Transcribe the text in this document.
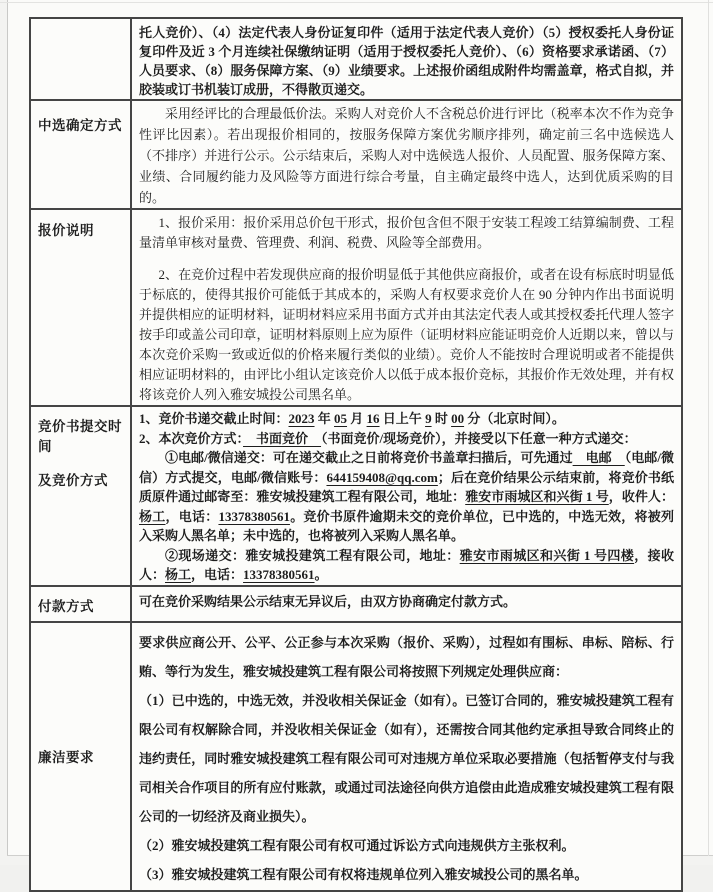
托人竞价）、（4）法定代表人身份证复印件（适用于法定代表人竞价）（5）授权委托人身份证复印件及近 3 个月连续社保缴纳证明（适用于授权委托人竞价）、（6）资格要求承诺函、（7）人员要求、（8）服务保障方案、（9）业绩要求。上述报价函组成附件均需盖章，格式自拟，并胶装或订书机装订成册，不得散页递交。

中选确定方式

采用经评比的合理最低价法。采购人对竞价人不含税总价进行评比（税率本次不作为竞争性评比因素）。若出现报价相同的，按服务保障方案优劣顺序排列，确定前三名中选候选人（不排序）并进行公示。公示结束后，采购人对中选候选人报价、人员配置、服务保障方案、业绩、合同履约能力及风险等方面进行综合考量，自主确定最终中选人，达到优质采购的目的。

报价说明

1、报价采用：报价采用总价包干形式，报价包含但不限于安装工程竣工结算编制费、工程量清单审核对量费、管理费、利润、税费、风险等全部费用。

2、在竞价过程中若发现供应商的报价明显低于其他供应商报价，或者在设有标底时明显低于标底的，使得其报价可能低于其成本的，采购人有权要求竞价人在 90 分钟内作出书面说明并提供相应的证明材料，证明材料应采用书面方式并由其法定代表人或其授权委托代理人签字按手印或盖公司印章，证明材料原则上应为原件（证明材料应能证明竞价人近期以来，曾以与本次竞价采购一致或近似的价格来履行类似的业绩）。竞价人不能按时合理说明或者不能提供相应证明材料的，由评比小组认定该竞价人以低于成本报价竞标，其报价作无效处理，并有权将该竞价人列入雅安城投公司黑名单。

竞价书提交时间
及竞价方式

1、竞价书递交截止时间：2023 年 05 月 16 日上午 9 时 00 分（北京时间）。

2、本次竞价方式：　书面竞价　（书面竞价/现场竞价），并接受以下任意一种方式递交：

①电邮/微信递交：可在递交截止之日前将竞价书盖章扫描后，可先通过　电邮　（电邮/微信）方式提交，电邮/微信账号：644159408@qq.com；后在竞价结果公示结束前，将竞价书纸质原件通过邮寄至：雅安城投建筑工程有限公司，地址：雅安市雨城区和兴街 1 号，收件人：杨工，电话：13378380561。竞价书原件逾期未交的竞价单位，已中选的，中选无效，将被列入采购人黑名单；未中选的，也将被列入采购人黑名单。

②现场递交：雅安城投建筑工程有限公司，地址：雅安市雨城区和兴街 1 号四楼，接收人：杨工，电话：13378380561。

付款方式	可在竞价采购结果公示结束无异议后，由双方协商确定付款方式。

廉洁要求

要求供应商公开、公平、公正参与本次采购（报价、采购），过程如有围标、串标、陪标、行贿、等行为发生，雅安城投建筑工程有限公司将按照下列规定处理供应商：

（1）已中选的，中选无效，并没收相关保证金（如有）。已签订合同的，雅安城投建筑工程有限公司有权解除合同，并没收相关保证金（如有），还需按合同其他约定承担导致合同终止的违约责任，同时雅安城投建筑工程有限公司可对违规方单位采取必要措施（包括暂停支付与我司相关合作项目的所有应付账款，或通过司法途径向供方追偿由此造成雅安城投建筑工程有限公司的一切经济及商业损失）。

（2）雅安城投建筑工程有限公司有权可通过诉讼方式向违规供方主张权利。

（3）雅安城投建筑工程有限公司有权将违规单位列入雅安城投公司的黑名单。
